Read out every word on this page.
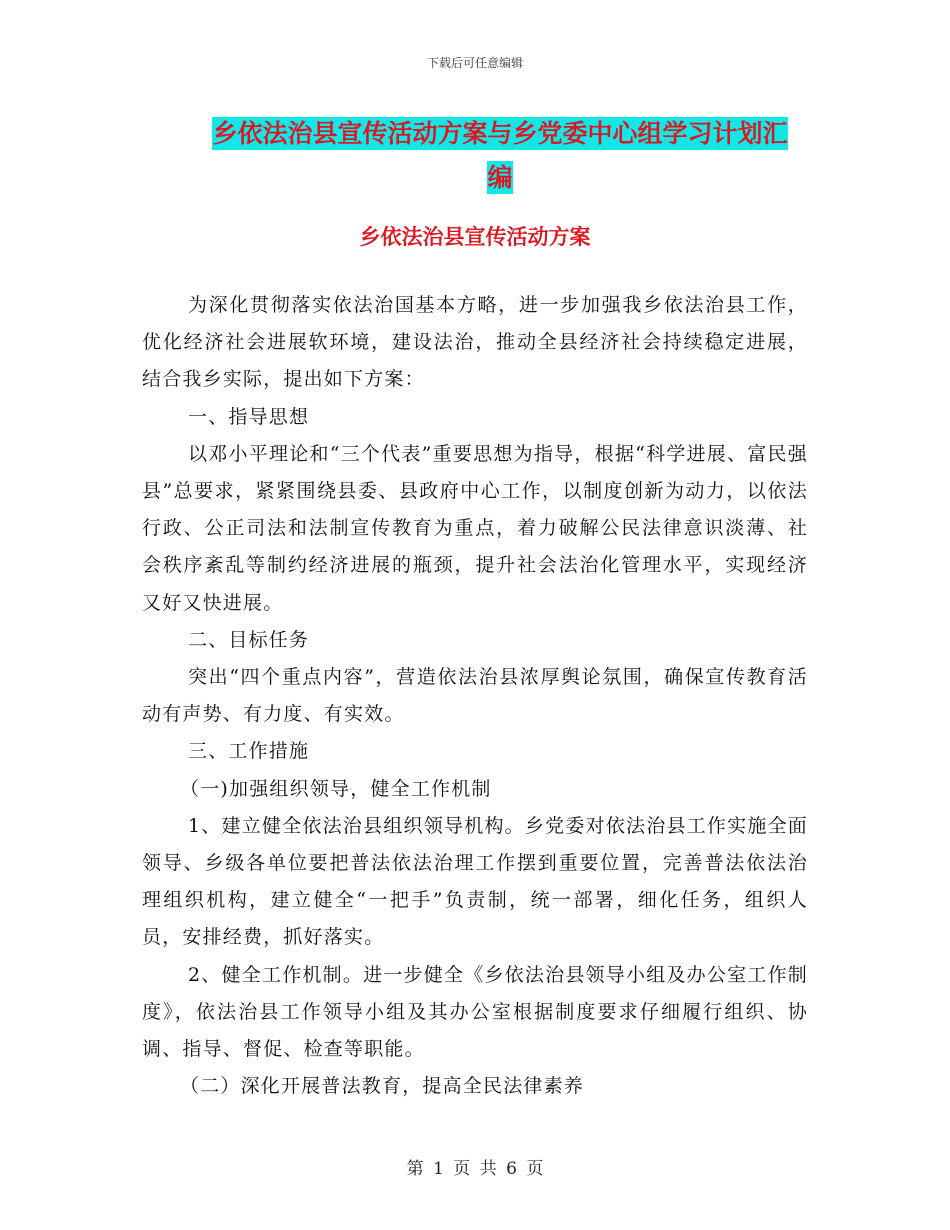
下载后可任意编辑
乡依法治县宣传活动方案与乡党委中心组学习计划汇
编
乡依法治县宣传活动方案

为深化贯彻落实依法治国基本方略，进一步加强我乡依法治县工作，优化经济社会进展软环境，建设法治，推动全县经济社会持续稳定进展，结合我乡实际，提出如下方案：

一、指导思想

以邓小平理论和“三个代表”重要思想为指导，根据“科学进展、富民强县”总要求，紧紧围绕县委、县政府中心工作，以制度创新为动力，以依法行政、公正司法和法制宣传教育为重点，着力破解公民法律意识淡薄、社会秩序紊乱等制约经济进展的瓶颈，提升社会法治化管理水平，实现经济又好又快进展。

二、目标任务

突出“四个重点内容”，营造依法治县浓厚舆论氛围，确保宣传教育活动有声势、有力度、有实效。

三、工作措施

（一)加强组织领导，健全工作机制

1、建立健全依法治县组织领导机构。乡党委对依法治县工作实施全面领导、乡级各单位要把普法依法治理工作摆到重要位置，完善普法依法治理组织机构，建立健全“一把手”负责制，统一部署，细化任务，组织人员，安排经费，抓好落实。

2、健全工作机制。进一步健全《乡依法治县领导小组及办公室工作制度》，依法治县工作领导小组及其办公室根据制度要求仔细履行组织、协调、指导、督促、检查等职能。

（二）深化开展普法教育，提高全民法律素养

第 1 页 共 6 页
